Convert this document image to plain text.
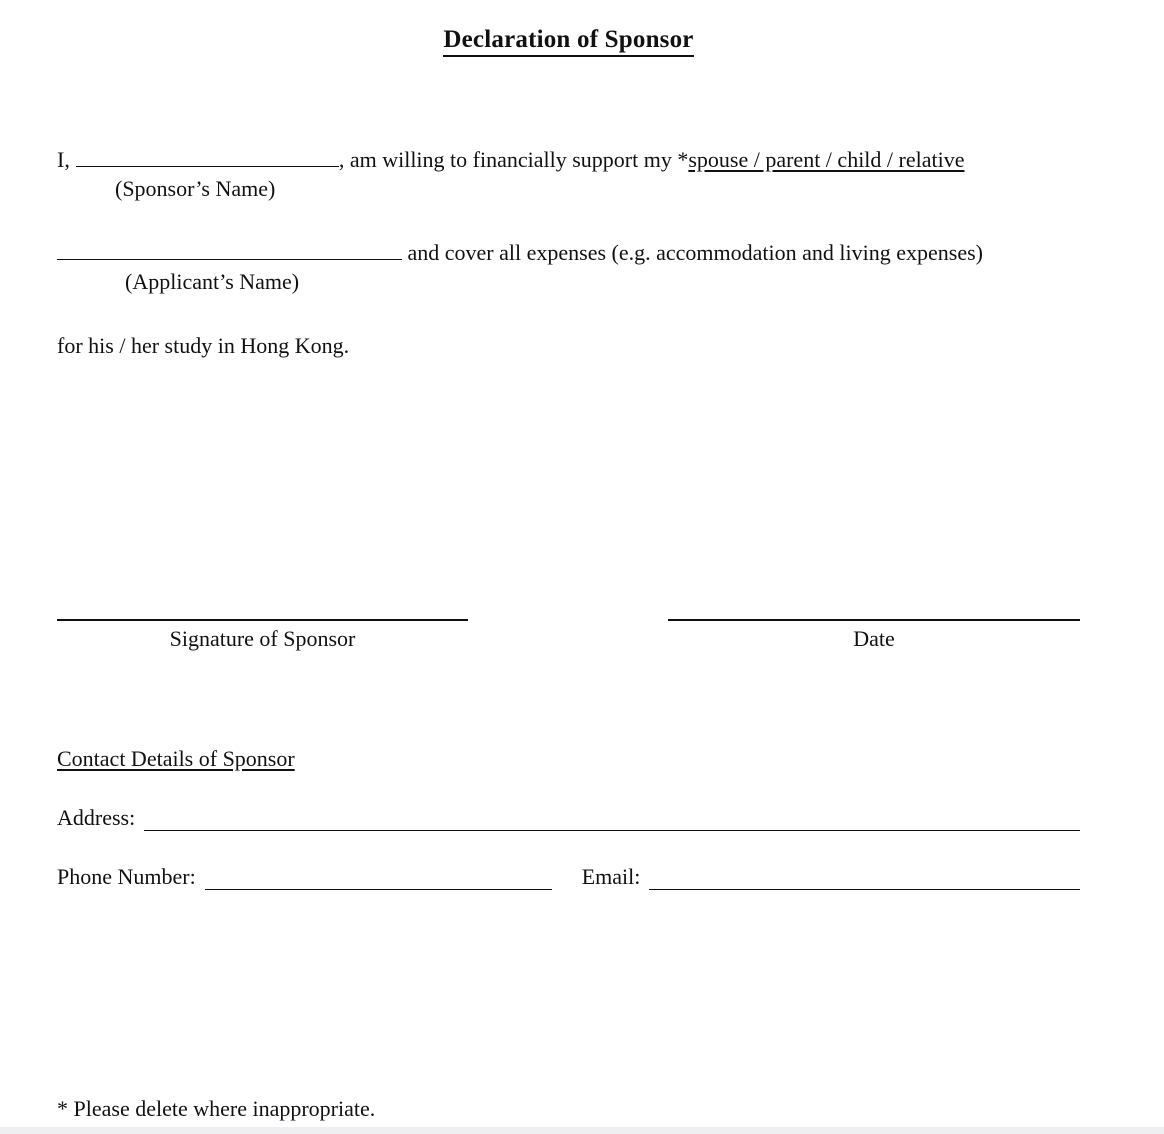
Declaration of Sponsor
I,	, am willing to financially support my *spouse / parent / child / relative
(Sponsor’s Name)
and cover all expenses (e.g. accommodation and living expenses)
(Applicant’s Name)
for his / her study in Hong Kong.
Signature of Sponsor	Date
Contact Details of Sponsor
Address:
Phone Number:	Email:
* Please delete where inappropriate.
